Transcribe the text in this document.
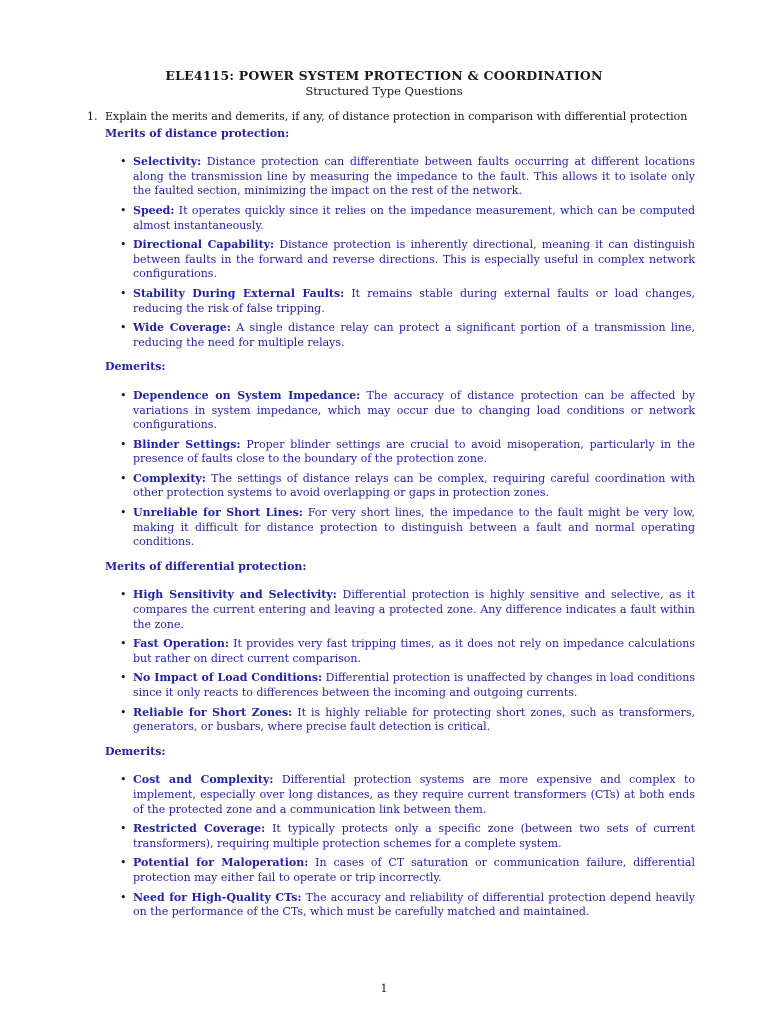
ELE4115: POWER SYSTEM PROTECTION & COORDINATION
Structured Type Questions
1. Explain the merits and demerits, if any, of distance protection in comparison with differential protection
Merits of distance protection:
• Selectivity: Distance protection can differentiate between faults occurring at different locations along the transmission line by measuring the impedance to the fault. This allows it to isolate only the faulted section, minimizing the impact on the rest of the network.
• Speed: It operates quickly since it relies on the impedance measurement, which can be computed almost instantaneously.
• Directional Capability: Distance protection is inherently directional, meaning it can distinguish between faults in the forward and reverse directions. This is especially useful in complex network configurations.
• Stability During External Faults: It remains stable during external faults or load changes, reducing the risk of false tripping.
• Wide Coverage: A single distance relay can protect a significant portion of a transmission line, reducing the need for multiple relays.
Demerits:
• Dependence on System Impedance: The accuracy of distance protection can be affected by variations in system impedance, which may occur due to changing load conditions or network configurations.
• Blinder Settings: Proper blinder settings are crucial to avoid misoperation, particularly in the presence of faults close to the boundary of the protection zone.
• Complexity: The settings of distance relays can be complex, requiring careful coordination with other protection systems to avoid overlapping or gaps in protection zones.
• Unreliable for Short Lines: For very short lines, the impedance to the fault might be very low, making it difficult for distance protection to distinguish between a fault and normal operating conditions.
Merits of differential protection:
• High Sensitivity and Selectivity: Differential protection is highly sensitive and selective, as it compares the current entering and leaving a protected zone. Any difference indicates a fault within the zone.
• Fast Operation: It provides very fast tripping times, as it does not rely on impedance calculations but rather on direct current comparison.
• No Impact of Load Conditions: Differential protection is unaffected by changes in load conditions since it only reacts to differences between the incoming and outgoing currents.
• Reliable for Short Zones: It is highly reliable for protecting short zones, such as transformers, generators, or busbars, where precise fault detection is critical.
Demerits:
• Cost and Complexity: Differential protection systems are more expensive and complex to implement, especially over long distances, as they require current transformers (CTs) at both ends of the protected zone and a communication link between them.
• Restricted Coverage: It typically protects only a specific zone (between two sets of current transformers), requiring multiple protection schemes for a complete system.
• Potential for Maloperation: In cases of CT saturation or communication failure, differential protection may either fail to operate or trip incorrectly.
• Need for High-Quality CTs: The accuracy and reliability of differential protection depend heavily on the performance of the CTs, which must be carefully matched and maintained.
1
